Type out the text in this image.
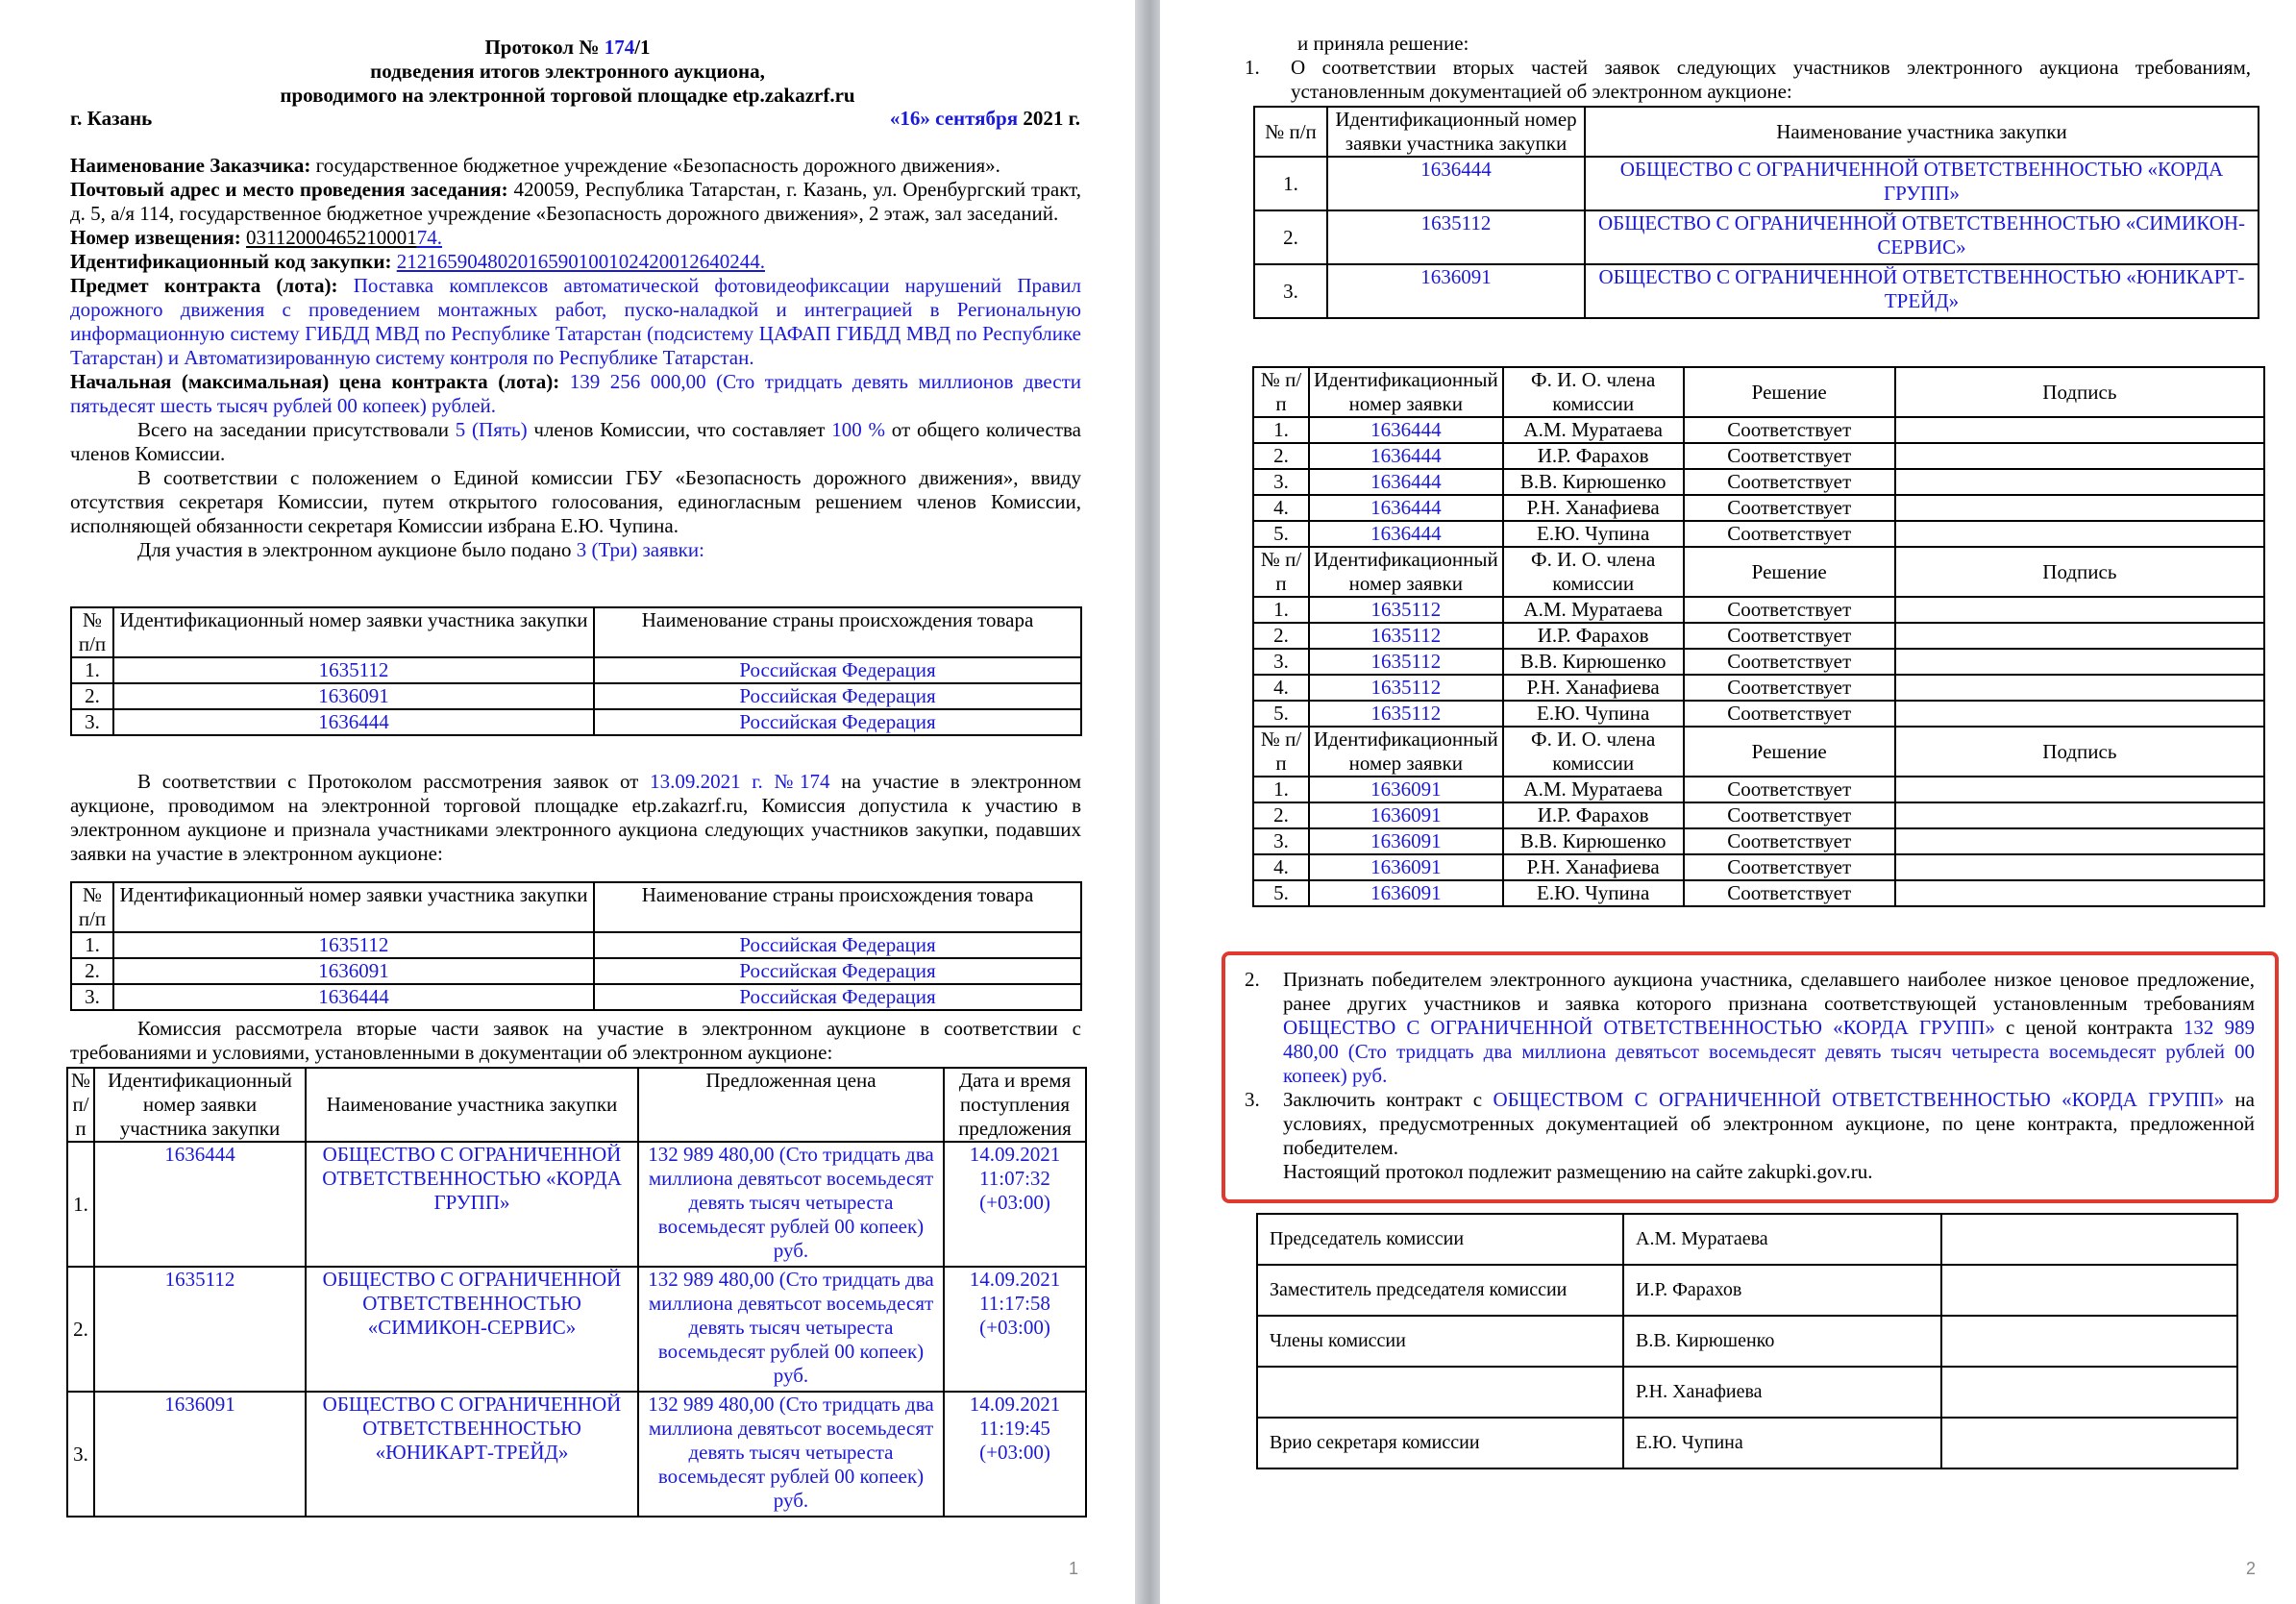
Протокол № 174/1
подведения итогов электронного аукциона,
проводимого на электронной торговой площадке etp.zakazrf.ru
г. Казань	«16» сентября 2021 г.
Наименование Заказчика: государственное бюджетное учреждение «Безопасность дорожного движения».
Почтовый адрес и место проведения заседания: 420059, Республика Татарстан, г. Казань, ул. Оренбургский тракт, д. 5, а/я 114, государственное бюджетное учреждение «Безопасность дорожного движения», 2 этаж, зал заседаний.
Номер извещения: 0311200046521000174.
Идентификационный код закупки: 212165904802016590100102420012640244.
Предмет контракта (лота): Поставка комплексов автоматической фотовидеофиксации нарушений Правил дорожного движения с проведением монтажных работ, пуско-наладкой и интеграцией в Региональную информационную систему ГИБДД МВД по Республике Татарстан (подсистему ЦАФАП ГИБДД МВД по Республике Татарстан) и Автоматизированную систему контроля по Республике Татарстан.
Начальная (максимальная) цена контракта (лота): 139 256 000,00 (Сто тридцать девять миллионов двести пятьдесят шесть тысяч рублей 00 копеек) рублей.
Всего на заседании присутствовали 5 (Пять) членов Комиссии, что составляет 100 % от общего количества членов Комиссии.
В соответствии с положением о Единой комиссии ГБУ «Безопасность дорожного движения», ввиду отсутствия секретаря Комиссии, путем открытого голосования, единогласным решением членов Комиссии, исполняющей обязанности секретаря Комиссии избрана Е.Ю. Чупина.
Для участия в электронном аукционе было подано 3 (Три) заявки:
№ п/п	Идентификационный номер заявки участника закупки	Наименование страны происхождения товара
1.	1635112	Российская Федерация
2.	1636091	Российская Федерация
3.	1636444	Российская Федерация
В соответствии с Протоколом рассмотрения заявок от 13.09.2021 г. №174 на участие в электронном аукционе, проводимом на электронной торговой площадке etp.zakazrf.ru, Комиссия допустила к участию в электронном аукционе и признала участниками электронного аукциона следующих участников закупки, подавших заявки на участие в электронном аукционе:
№ п/п	Идентификационный номер заявки участника закупки	Наименование страны происхождения товара
1.	1635112	Российская Федерация
2.	1636091	Российская Федерация
3.	1636444	Российская Федерация
Комиссия рассмотрела вторые части заявок на участие в электронном аукционе в соответствии с требованиями и условиями, установленными в документации об электронном аукционе:
№ п/п	Идентификационный номер заявки участника закупки	Наименование участника закупки	Предложенная цена	Дата и время поступления предложения
1.	1636444	ОБЩЕСТВО С ОГРАНИЧЕННОЙ ОТВЕТСТВЕННОСТЬЮ «КОРДА ГРУПП»	132 989 480,00 (Сто тридцать два миллиона девятьсот восемьдесят девять тысяч четыреста восемьдесят рублей 00 копеек) руб.	14.09.2021 11:07:32 (+03:00)
2.	1635112	ОБЩЕСТВО С ОГРАНИЧЕННОЙ ОТВЕТСТВЕННОСТЬЮ «СИМИКОН-СЕРВИС»	132 989 480,00 (Сто тридцать два миллиона девятьсот восемьдесят девять тысяч четыреста восемьдесят рублей 00 копеек) руб.	14.09.2021 11:17:58 (+03:00)
3.	1636091	ОБЩЕСТВО С ОГРАНИЧЕННОЙ ОТВЕТСТВЕННОСТЬЮ «ЮНИКАРТ-ТРЕЙД»	132 989 480,00 (Сто тридцать два миллиона девятьсот восемьдесят девять тысяч четыреста восемьдесят рублей 00 копеек) руб.	14.09.2021 11:19:45 (+03:00)
1
и приняла решение:
1. О соответствии вторых частей заявок следующих участников электронного аукциона требованиям, установленным документацией об электронном аукционе:
№ п/п	Идентификационный номер заявки участника закупки	Наименование участника закупки
1.	1636444	ОБЩЕСТВО С ОГРАНИЧЕННОЙ ОТВЕТСТВЕННОСТЬЮ «КОРДА ГРУПП»
2.	1635112	ОБЩЕСТВО С ОГРАНИЧЕННОЙ ОТВЕТСТВЕННОСТЬЮ «СИМИКОН-СЕРВИС»
3.	1636091	ОБЩЕСТВО С ОГРАНИЧЕННОЙ ОТВЕТСТВЕННОСТЬЮ «ЮНИКАРТ-ТРЕЙД»
№ п/п	Идентификационный номер заявки	Ф. И. О. члена комиссии	Решение	Подпись
1.	1636444	А.М. Муратаева	Соответствует	
2.	1636444	И.Р. Фарахов	Соответствует	
3.	1636444	В.В. Кирюшенко	Соответствует	
4.	1636444	Р.Н. Ханафиева	Соответствует	
5.	1636444	Е.Ю. Чупина	Соответствует	
№ п/п	Идентификационный номер заявки	Ф. И. О. члена комиссии	Решение	Подпись
1.	1635112	А.М. Муратаева	Соответствует	
2.	1635112	И.Р. Фарахов	Соответствует	
3.	1635112	В.В. Кирюшенко	Соответствует	
4.	1635112	Р.Н. Ханафиева	Соответствует	
5.	1635112	Е.Ю. Чупина	Соответствует	
№ п/п	Идентификационный номер заявки	Ф. И. О. члена комиссии	Решение	Подпись
1.	1636091	А.М. Муратаева	Соответствует	
2.	1636091	И.Р. Фарахов	Соответствует	
3.	1636091	В.В. Кирюшенко	Соответствует	
4.	1636091	Р.Н. Ханафиева	Соответствует	
5.	1636091	Е.Ю. Чупина	Соответствует	
2. Признать победителем электронного аукциона участника, сделавшего наиболее низкое ценовое предложение, ранее других участников и заявка которого признана соответствующей установленным требованиям ОБЩЕСТВО С ОГРАНИЧЕННОЙ ОТВЕТСТВЕННОСТЬЮ «КОРДА ГРУПП» с ценой контракта 132 989 480,00 (Сто тридцать два миллиона девятьсот восемьдесят девять тысяч четыреста восемьдесят рублей 00 копеек) руб.
3. Заключить контракт с ОБЩЕСТВОМ С ОГРАНИЧЕННОЙ ОТВЕТСТВЕННОСТЬЮ «КОРДА ГРУПП» на условиях, предусмотренных документацией об электронном аукционе, по цене контракта, предложенной победителем.
Настоящий протокол подлежит размещению на сайте zakupki.gov.ru.
Председатель комиссии	А.М. Муратаева	
Заместитель председателя комиссии	И.Р. Фарахов	
Члены комиссии	В.В. Кирюшенко	
	Р.Н. Ханафиева	
Врио секретаря комиссии	Е.Ю. Чупина	
2
